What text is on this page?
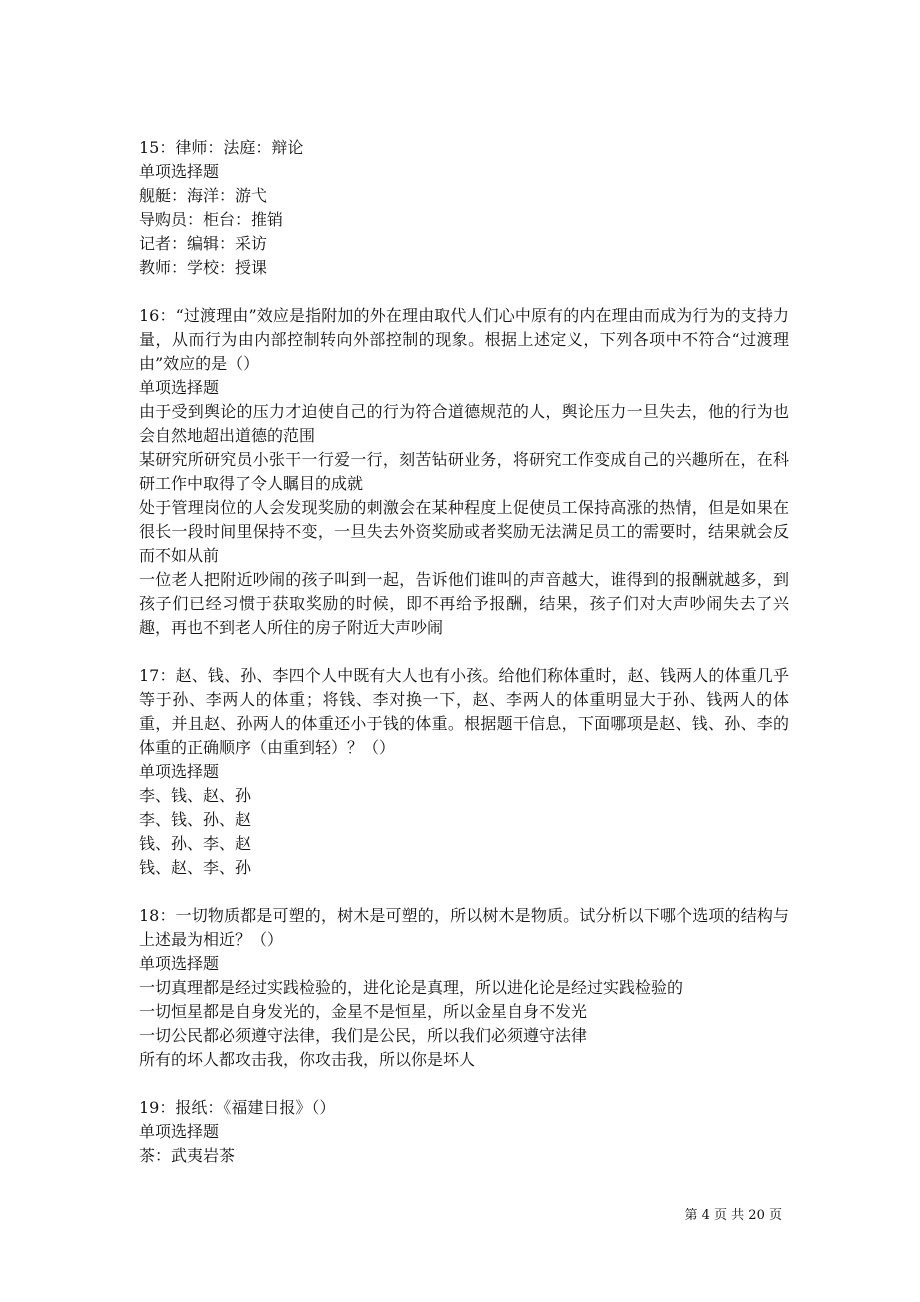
15：律师：法庭：辩论
单项选择题
舰艇：海洋：游弋
导购员：柜台：推销
记者：编辑：采访
教师：学校：授课
16：“过渡理由”效应是指附加的外在理由取代人们心中原有的内在理由而成为行为的支持力量，从而行为由内部控制转向外部控制的现象。根据上述定义，下列各项中不符合“过渡理由”效应的是（）
单项选择题
由于受到舆论的压力才迫使自己的行为符合道德规范的人，舆论压力一旦失去，他的行为也会自然地超出道德的范围
某研究所研究员小张干一行爱一行，刻苦钻研业务，将研究工作变成自己的兴趣所在，在科研工作中取得了令人瞩目的成就
处于管理岗位的人会发现奖励的刺激会在某种程度上促使员工保持高涨的热情，但是如果在很长一段时间里保持不变，一旦失去外资奖励或者奖励无法满足员工的需要时，结果就会反而不如从前
一位老人把附近吵闹的孩子叫到一起，告诉他们谁叫的声音越大，谁得到的报酬就越多，到孩子们已经习惯于获取奖励的时候，即不再给予报酬，结果，孩子们对大声吵闹失去了兴趣，再也不到老人所住的房子附近大声吵闹
17：赵、钱、孙、李四个人中既有大人也有小孩。给他们称体重时，赵、钱两人的体重几乎等于孙、李两人的体重；将钱、李对换一下，赵、李两人的体重明显大于孙、钱两人的体重，并且赵、孙两人的体重还小于钱的体重。根据题干信息，下面哪项是赵、钱、孙、李的体重的正确顺序（由重到轻）？（）
单项选择题
李、钱、赵、孙
李、钱、孙、赵
钱、孙、李、赵
钱、赵、李、孙
18：一切物质都是可塑的，树木是可塑的，所以树木是物质。试分析以下哪个选项的结构与上述最为相近？（）
单项选择题
一切真理都是经过实践检验的，进化论是真理，所以进化论是经过实践检验的
一切恒星都是自身发光的，金星不是恒星，所以金星自身不发光
一切公民都必须遵守法律，我们是公民，所以我们必须遵守法律
所有的坏人都攻击我，你攻击我，所以你是坏人
19：报纸：《福建日报》（）
单项选择题
茶：武夷岩茶
第 4 页 共 20 页
